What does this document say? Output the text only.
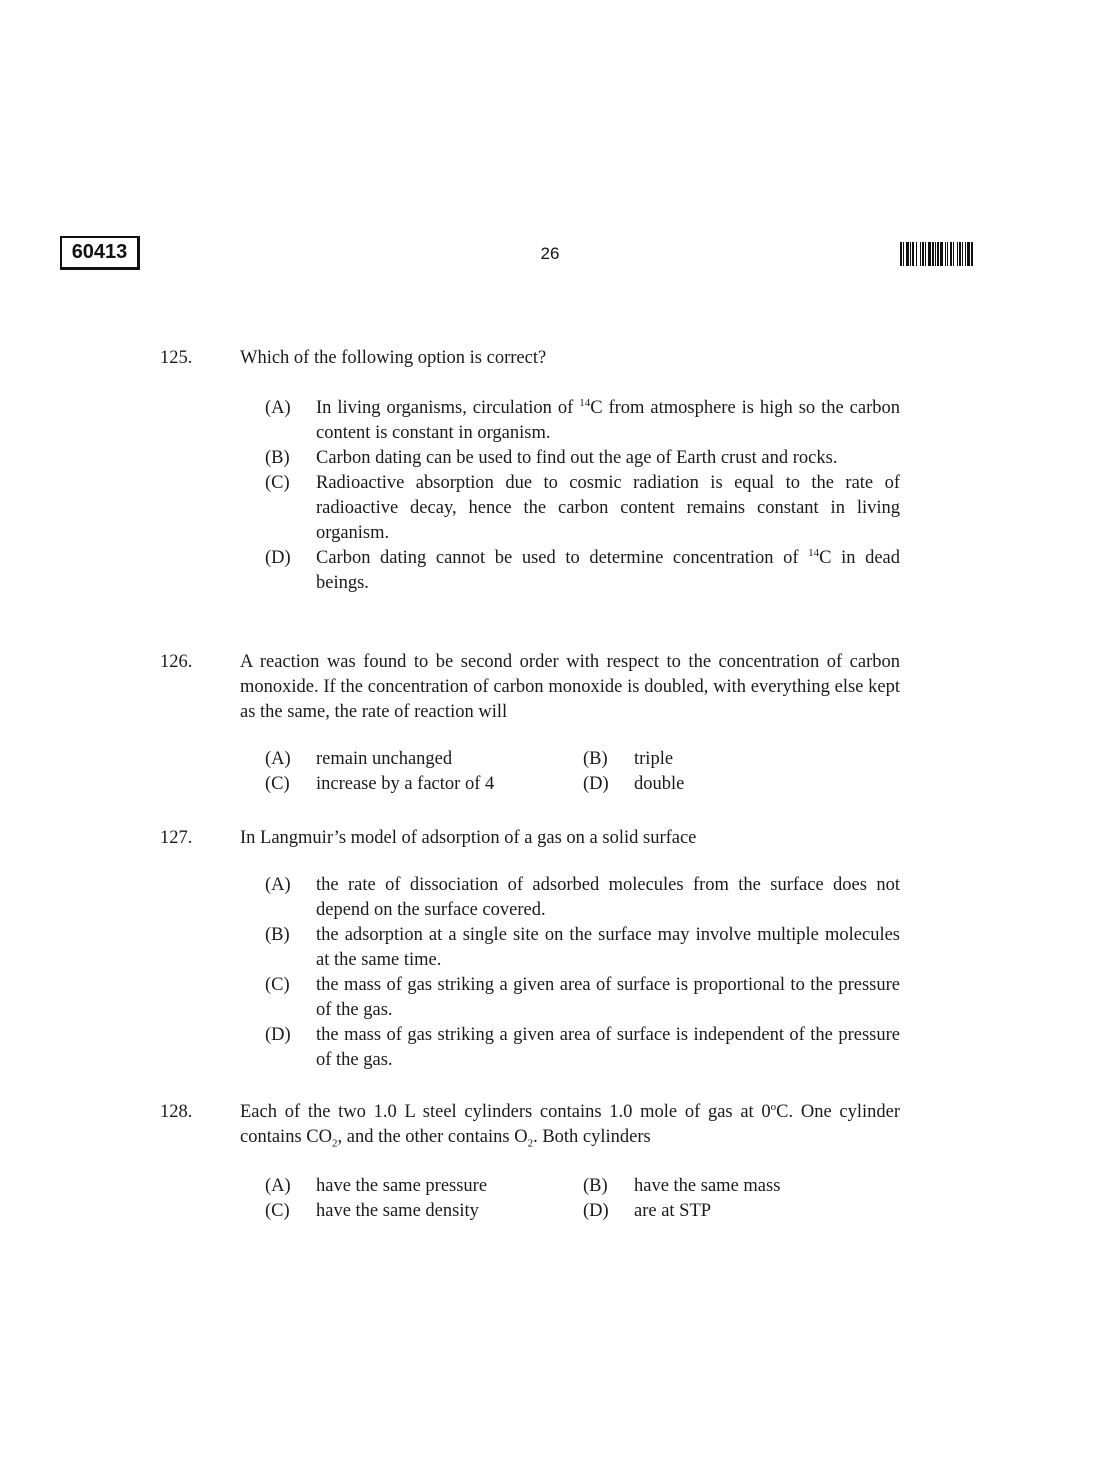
60413	26
125.	Which of the following option is correct?
(A)	In living organisms, circulation of $^{14}$C from atmosphere is high so the carbon content is constant in organism.
(B)	Carbon dating can be used to find out the age of Earth crust and rocks.
(C)	Radioactive absorption due to cosmic radiation is equal to the rate of radioactive decay, hence the carbon content remains constant in living organism.
(D)	Carbon dating cannot be used to determine concentration of $^{14}$C in dead beings.
126.	A reaction was found to be second order with respect to the concentration of carbon monoxide. If the concentration of carbon monoxide is doubled, with everything else kept as the same, the rate of reaction will
(A)	remain unchanged	(B)	triple
(C)	increase by a factor of 4	(D)	double
127.	In Langmuir’s model of adsorption of a gas on a solid surface
(A)	the rate of dissociation of adsorbed molecules from the surface does not depend on the surface covered.
(B)	the adsorption at a single site on the surface may involve multiple molecules at the same time.
(C)	the mass of gas striking a given area of surface is proportional to the pressure of the gas.
(D)	the mass of gas striking a given area of surface is independent of the pressure of the gas.
128.	Each of the two 1.0 L steel cylinders contains 1.0 mole of gas at 0$^o$C. One cylinder contains $CO_2$, and the other contains $O_2$. Both cylinders
(A)	have the same pressure	(B)	have the same mass
(C)	have the same density	(D)	are at STP
